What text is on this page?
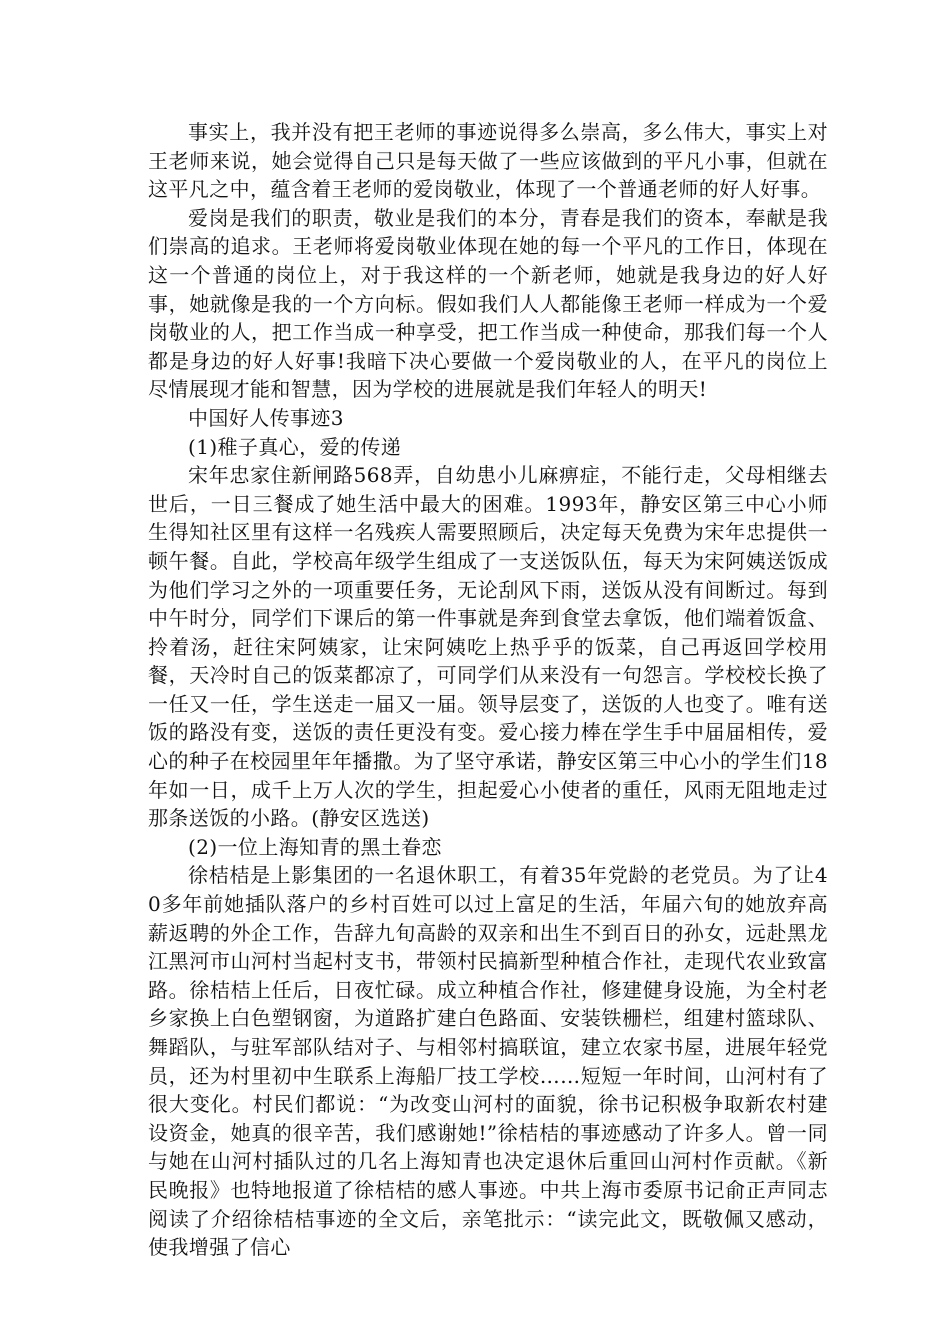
事实上，我并没有把王老师的事迹说得多么崇高，多么伟大，事实上对王老师来说，她会觉得自己只是每天做了一些应该做到的平凡小事，但就在这平凡之中，蕴含着王老师的爱岗敬业，体现了一个普通老师的好人好事。

爱岗是我们的职责，敬业是我们的本分，青春是我们的资本，奉献是我们崇高的追求。王老师将爱岗敬业体现在她的每一个平凡的工作日，体现在这一个普通的岗位上，对于我这样的一个新老师，她就是我身边的好人好事，她就像是我的一个方向标。假如我们人人都能像王老师一样成为一个爱岗敬业的人，把工作当成一种享受，把工作当成一种使命，那我们每一个人都是身边的好人好事!我暗下决心要做一个爱岗敬业的人，在平凡的岗位上尽情展现才能和智慧，因为学校的进展就是我们年轻人的明天!

中国好人传事迹3

(1)稚子真心，爱的传递

宋年忠家住新闸路568弄，自幼患小儿麻痹症，不能行走，父母相继去世后，一日三餐成了她生活中最大的困难。1993年，静安区第三中心小师生得知社区里有这样一名残疾人需要照顾后，决定每天免费为宋年忠提供一顿午餐。自此，学校高年级学生组成了一支送饭队伍，每天为宋阿姨送饭成为他们学习之外的一项重要任务，无论刮风下雨，送饭从没有间断过。每到中午时分，同学们下课后的第一件事就是奔到食堂去拿饭，他们端着饭盒、拎着汤，赶往宋阿姨家，让宋阿姨吃上热乎乎的饭菜，自己再返回学校用餐，天冷时自己的饭菜都凉了，可同学们从来没有一句怨言。学校校长换了一任又一任，学生送走一届又一届。领导层变了，送饭的人也变了。唯有送饭的路没有变，送饭的责任更没有变。爱心接力棒在学生手中届届相传，爱心的种子在校园里年年播撒。为了坚守承诺，静安区第三中心小的学生们18年如一日，成千上万人次的学生，担起爱心小使者的重任，风雨无阻地走过那条送饭的小路。(静安区选送)

(2)一位上海知青的黑土眷恋

徐桔桔是上影集团的一名退休职工，有着35年党龄的老党员。为了让40多年前她插队落户的乡村百姓可以过上富足的生活，年届六旬的她放弃高薪返聘的外企工作，告辞九旬高龄的双亲和出生不到百日的孙女，远赴黑龙江黑河市山河村当起村支书，带领村民搞新型种植合作社，走现代农业致富路。徐桔桔上任后，日夜忙碌。成立种植合作社，修建健身设施，为全村老乡家换上白色塑钢窗，为道路扩建白色路面、安装铁栅栏，组建村篮球队、舞蹈队，与驻军部队结对子、与相邻村搞联谊，建立农家书屋，进展年轻党员，还为村里初中生联系上海船厂技工学校……短短一年时间，山河村有了很大变化。村民们都说：“为改变山河村的面貌，徐书记积极争取新农村建设资金，她真的很辛苦，我们感谢她!”徐桔桔的事迹感动了许多人。曾一同与她在山河村插队过的几名上海知青也决定退休后重回山河村作贡献。《新民晚报》也特地报道了徐桔桔的感人事迹。中共上海市委原书记俞正声同志阅读了介绍徐桔桔事迹的全文后，亲笔批示：“读完此文，既敬佩又感动，使我增强了信心
